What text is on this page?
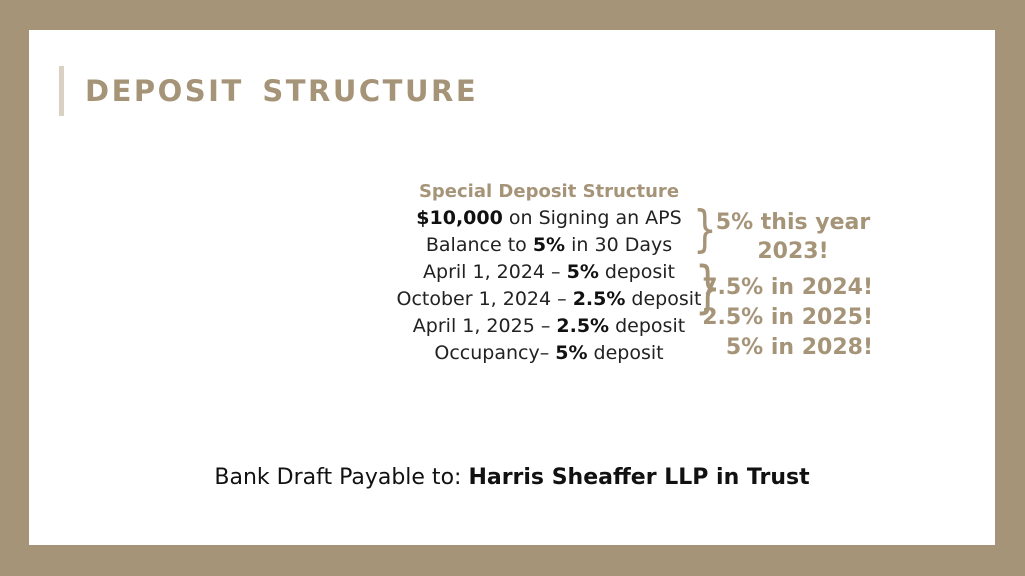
DEPOSIT STRUCTURE
Special Deposit Structure
$10,000 on Signing an APS
Balance to 5% in 30 Days
April 1, 2024 – 5% deposit
October 1, 2024 – 2.5% deposit
April 1, 2025 – 2.5% deposit
Occupancy– 5% deposit
}
}
5% this year
2023!
7.5% in 2024!
2.5% in 2025!
5% in 2028!
Bank Draft Payable to: Harris Sheaffer LLP in Trust
